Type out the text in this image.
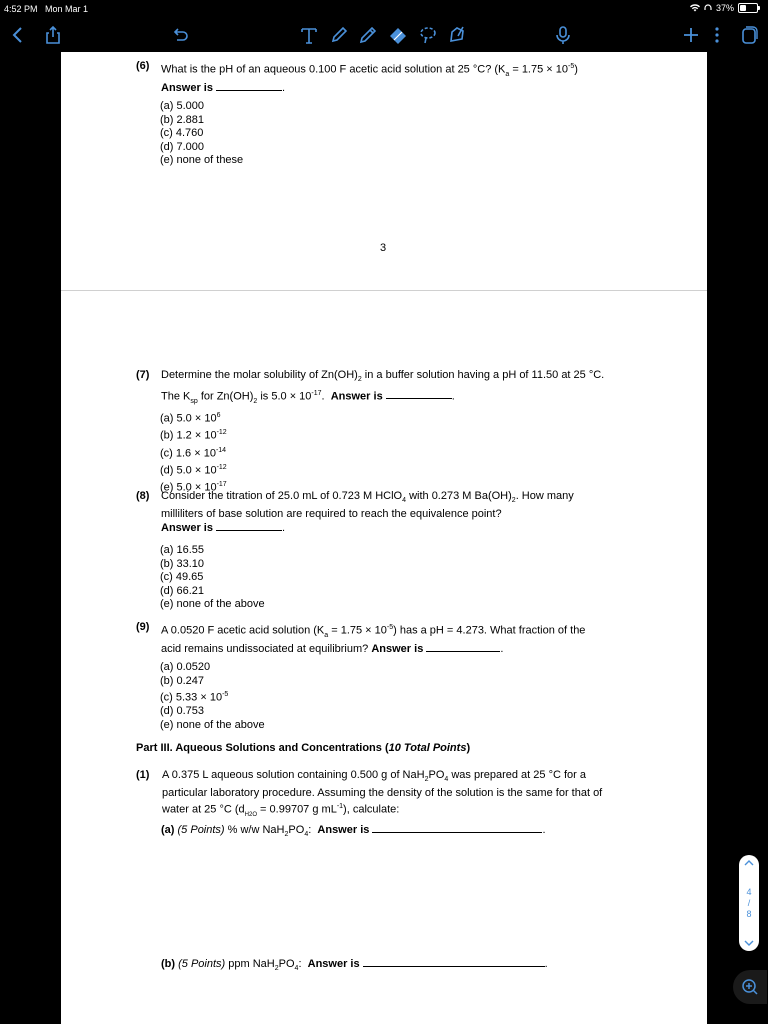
4:52 PM Mon Mar 1	37%
(6) What is the pH of an aqueous 0.100 F acetic acid solution at 25 °C? $(K_a = 1.75 \times 10^{-5})$
Answer is	.
(a) 5.000
(b) 2.881
(c) 4.760
(d) 7.000
(e) none of these
3
(7) Determine the molar solubility of $Zn(OH)_2$ in a buffer solution having a pH of 11.50 at 25 °C.
The $K_{sp}$ for $Zn(OH)_2$ is $5.0 \times 10^{-17}$.  Answer is	.
(a) $5.0 \times 10^6$
(b) $1.2 \times 10^{-12}$
(c) $1.6 \times 10^{-14}$
(d) $5.0 \times 10^{-12}$
(e) $5.0 \times 10^{-17}$
(8) Consider the titration of 25.0 mL of 0.723 M HClO$_4$ with 0.273 M $Ba(OH)_2$. How many
milliliters of base solution are required to reach the equivalence point?
Answer is	.
(a) 16.55
(b) 33.10
(c) 49.65
(d) 66.21
(e) none of the above
(9) A 0.0520 F acetic acid solution $(K_a = 1.75 \times 10^{-5})$ has a pH = 4.273. What fraction of the
acid remains undissociated at equilibrium? Answer is	.
(a) 0.0520
(b) 0.247
(c) $5.33 \times 10^{-5}$
(d) 0.753
(e) none of the above
Part III. Aqueous Solutions and Concentrations (10 Total Points)
(1) A 0.375 L aqueous solution containing 0.500 g of $NaH_2PO_4$ was prepared at 25 °C for a
particular laboratory procedure. Assuming the density of the solution is the same for that of
water at 25 °C ($d_{H2O} = 0.99707$ g $mL^{-1}$), calculate:
(a) (5 Points) % w/w $NaH_2PO_4$: Answer is	.
(b) (5 Points) ppm $NaH_2PO_4$: Answer is	.
4
/
8
